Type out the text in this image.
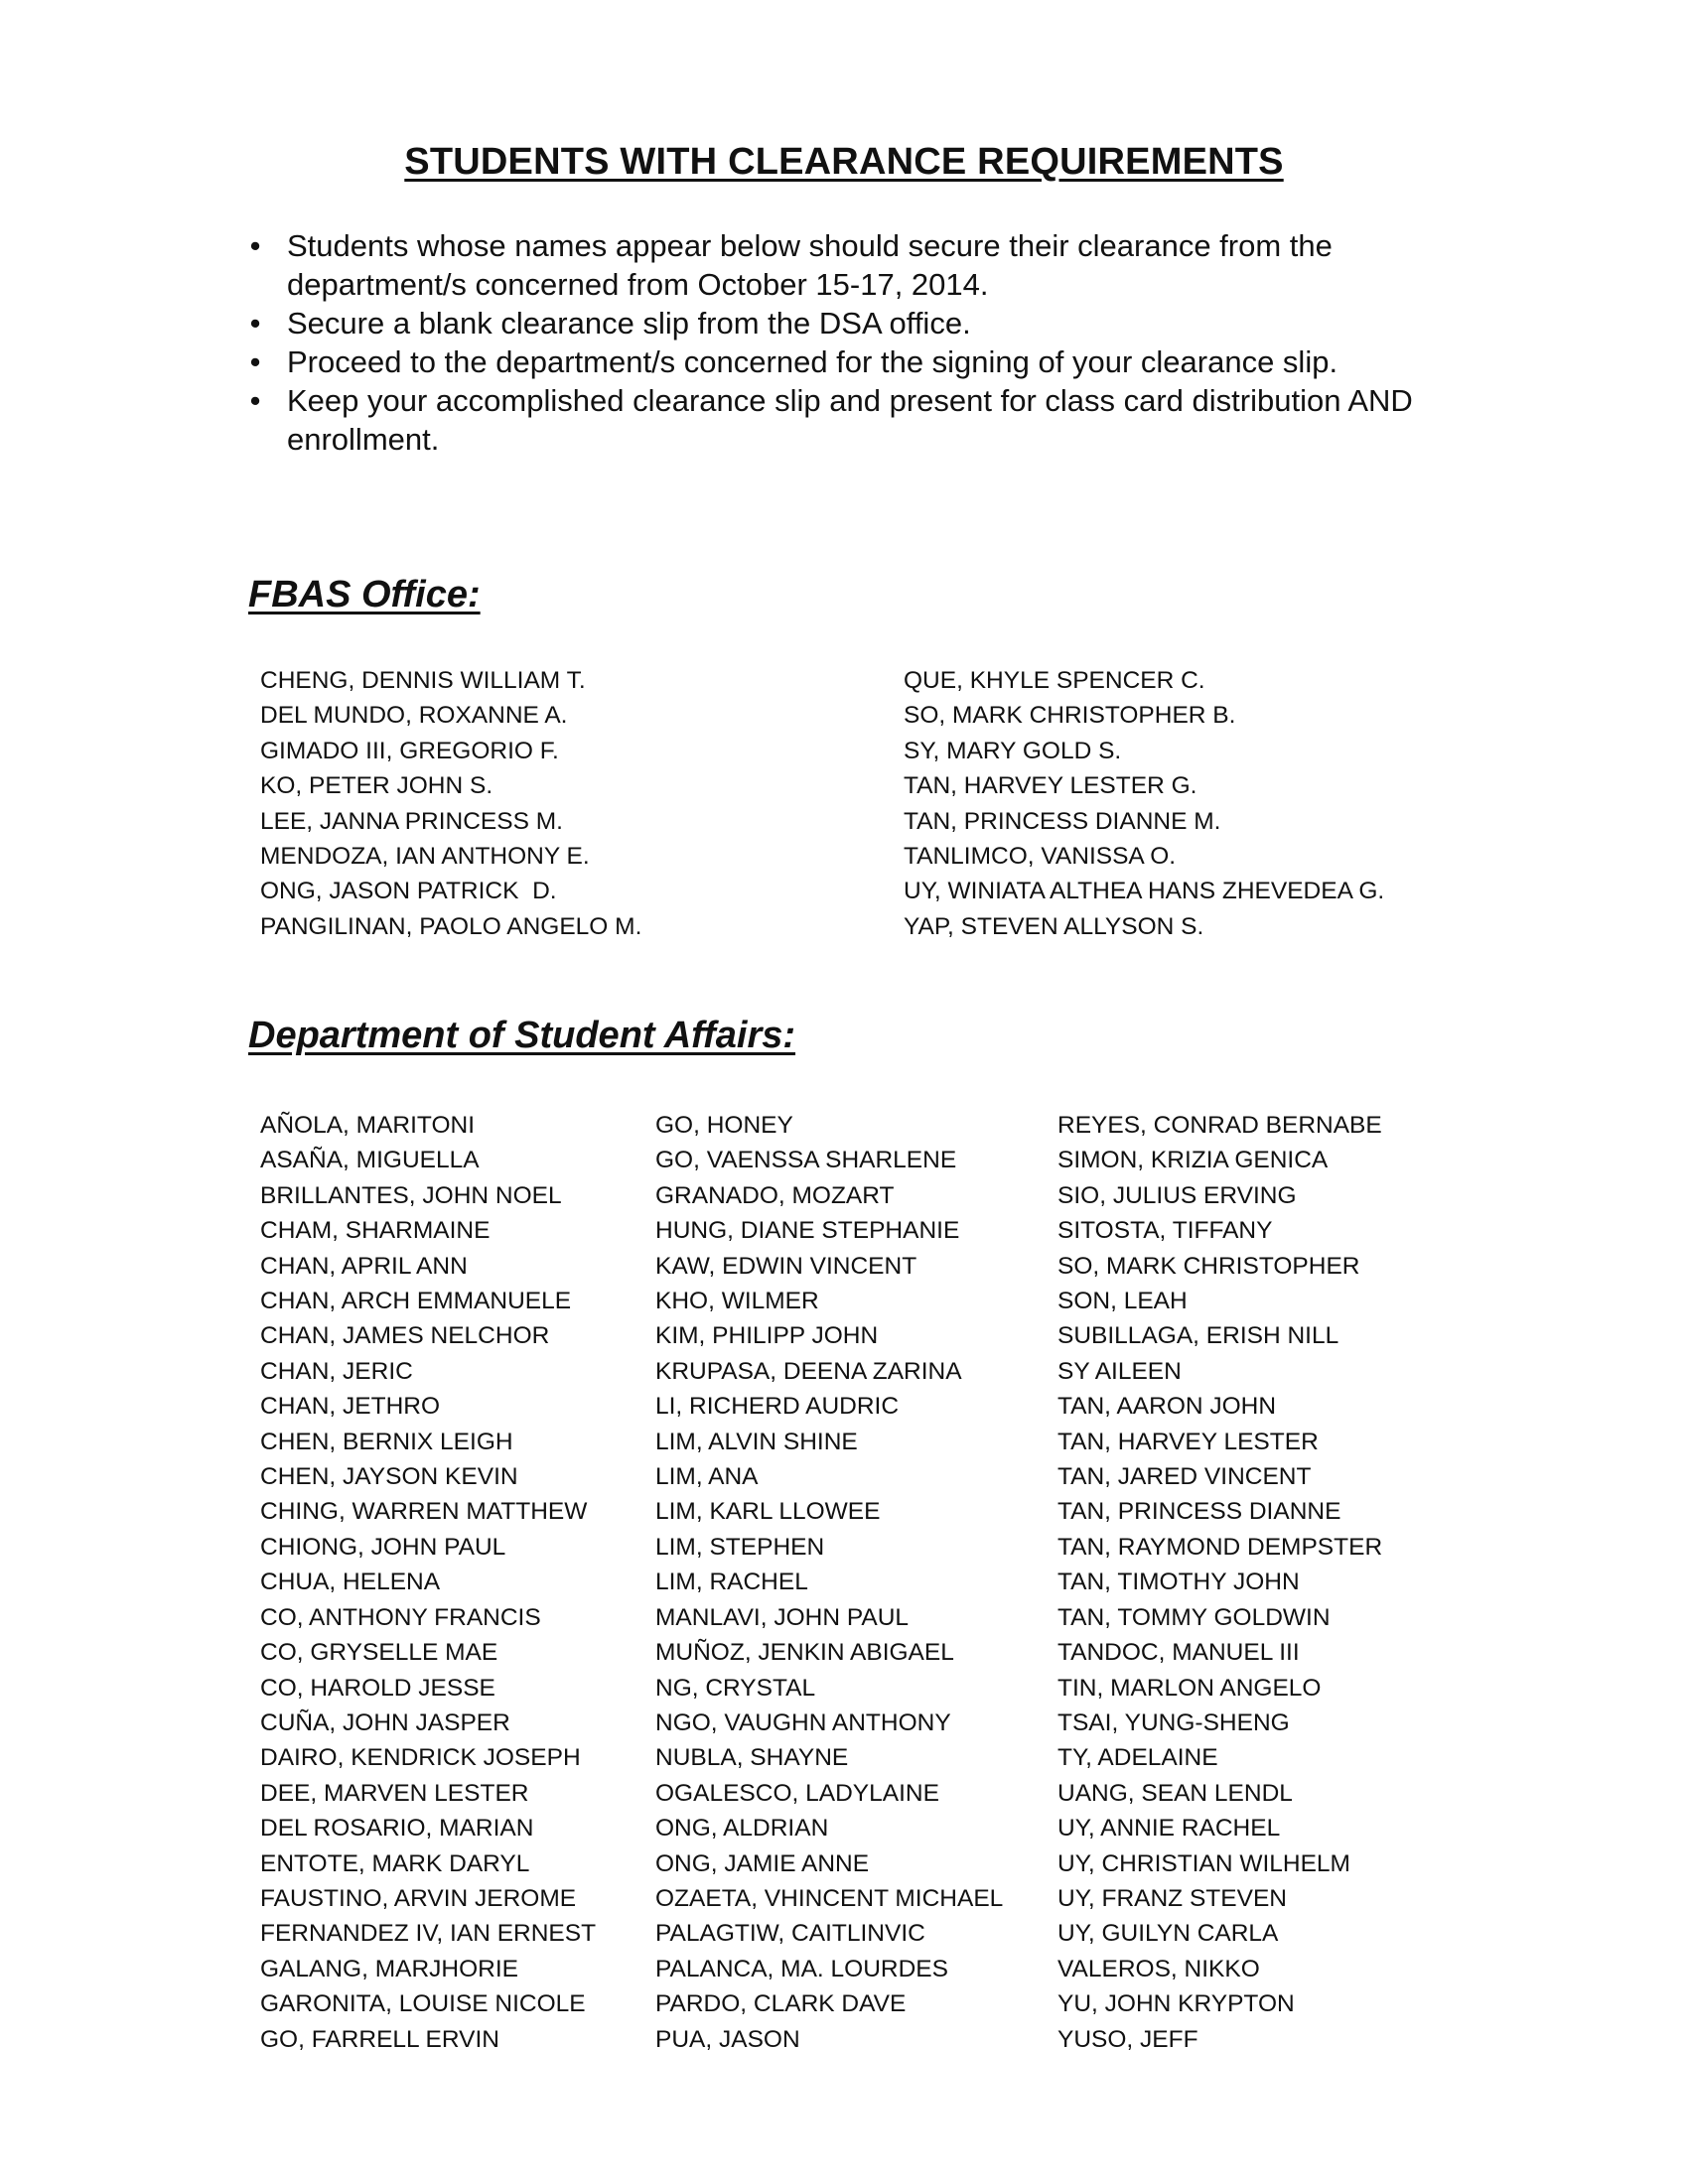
STUDENTS WITH CLEARANCE REQUIREMENTS
• Students whose names appear below should secure their clearance from the department/s concerned from October 15-17, 2014.
• Secure a blank clearance slip from the DSA office.
• Proceed to the department/s concerned for the signing of your clearance slip.
• Keep your accomplished clearance slip and present for class card distribution AND enrollment.
FBAS Office:
CHENG, DENNIS WILLIAM T.
DEL MUNDO, ROXANNE A.
GIMADO III, GREGORIO F.
KO, PETER JOHN S.
LEE, JANNA PRINCESS M.
MENDOZA, IAN ANTHONY E.
ONG, JASON PATRICK  D.
PANGILINAN, PAOLO ANGELO M.
QUE, KHYLE SPENCER C.
SO, MARK CHRISTOPHER B.
SY, MARY GOLD S.
TAN, HARVEY LESTER G.
TAN, PRINCESS DIANNE M.
TANLIMCO, VANISSA O.
UY, WINIATA ALTHEA HANS ZHEVEDEA G.
YAP, STEVEN ALLYSON S.
Department of Student Affairs:
AÑOLA, MARITONI
ASAÑA, MIGUELLA
BRILLANTES, JOHN NOEL
CHAM, SHARMAINE
CHAN, APRIL ANN
CHAN, ARCH EMMANUELE
CHAN, JAMES NELCHOR
CHAN, JERIC
CHAN, JETHRO
CHEN, BERNIX LEIGH
CHEN, JAYSON KEVIN
CHING, WARREN MATTHEW
CHIONG, JOHN PAUL
CHUA, HELENA
CO, ANTHONY FRANCIS
CO, GRYSELLE MAE
CO, HAROLD JESSE
CUÑA, JOHN JASPER
DAIRO, KENDRICK JOSEPH
DEE, MARVEN LESTER
DEL ROSARIO, MARIAN
ENTOTE, MARK DARYL
FAUSTINO, ARVIN JEROME
FERNANDEZ IV, IAN ERNEST
GALANG, MARJHORIE
GARONITA, LOUISE NICOLE
GO, FARRELL ERVIN
GO, HONEY
GO, VAENSSA SHARLENE
GRANADO, MOZART
HUNG, DIANE STEPHANIE
KAW, EDWIN VINCENT
KHO, WILMER
KIM, PHILIPP JOHN
KRUPASA, DEENA ZARINA
LI, RICHERD AUDRIC
LIM, ALVIN SHINE
LIM, ANA
LIM, KARL LLOWEE
LIM, STEPHEN
LIM, RACHEL
MANLAVI, JOHN PAUL
MUÑOZ, JENKIN ABIGAEL
NG, CRYSTAL
NGO, VAUGHN ANTHONY
NUBLA, SHAYNE
OGALESCO, LADYLAINE
ONG, ALDRIAN
ONG, JAMIE ANNE
OZAETA, VHINCENT MICHAEL
PALAGTIW, CAITLINVIC
PALANCA, MA. LOURDES
PARDO, CLARK DAVE
PUA, JASON
REYES, CONRAD BERNABE
SIMON, KRIZIA GENICA
SIO, JULIUS ERVING
SITOSTA, TIFFANY
SO, MARK CHRISTOPHER
SON, LEAH
SUBILLAGA, ERISH NILL
SY AILEEN
TAN, AARON JOHN
TAN, HARVEY LESTER
TAN, JARED VINCENT
TAN, PRINCESS DIANNE
TAN, RAYMOND DEMPSTER
TAN, TIMOTHY JOHN
TAN, TOMMY GOLDWIN
TANDOC, MANUEL III
TIN, MARLON ANGELO
TSAI, YUNG-SHENG
TY, ADELAINE
UANG, SEAN LENDL
UY, ANNIE RACHEL
UY, CHRISTIAN WILHELM
UY, FRANZ STEVEN
UY, GUILYN CARLA
VALEROS, NIKKO
YU, JOHN KRYPTON
YUSO, JEFF
